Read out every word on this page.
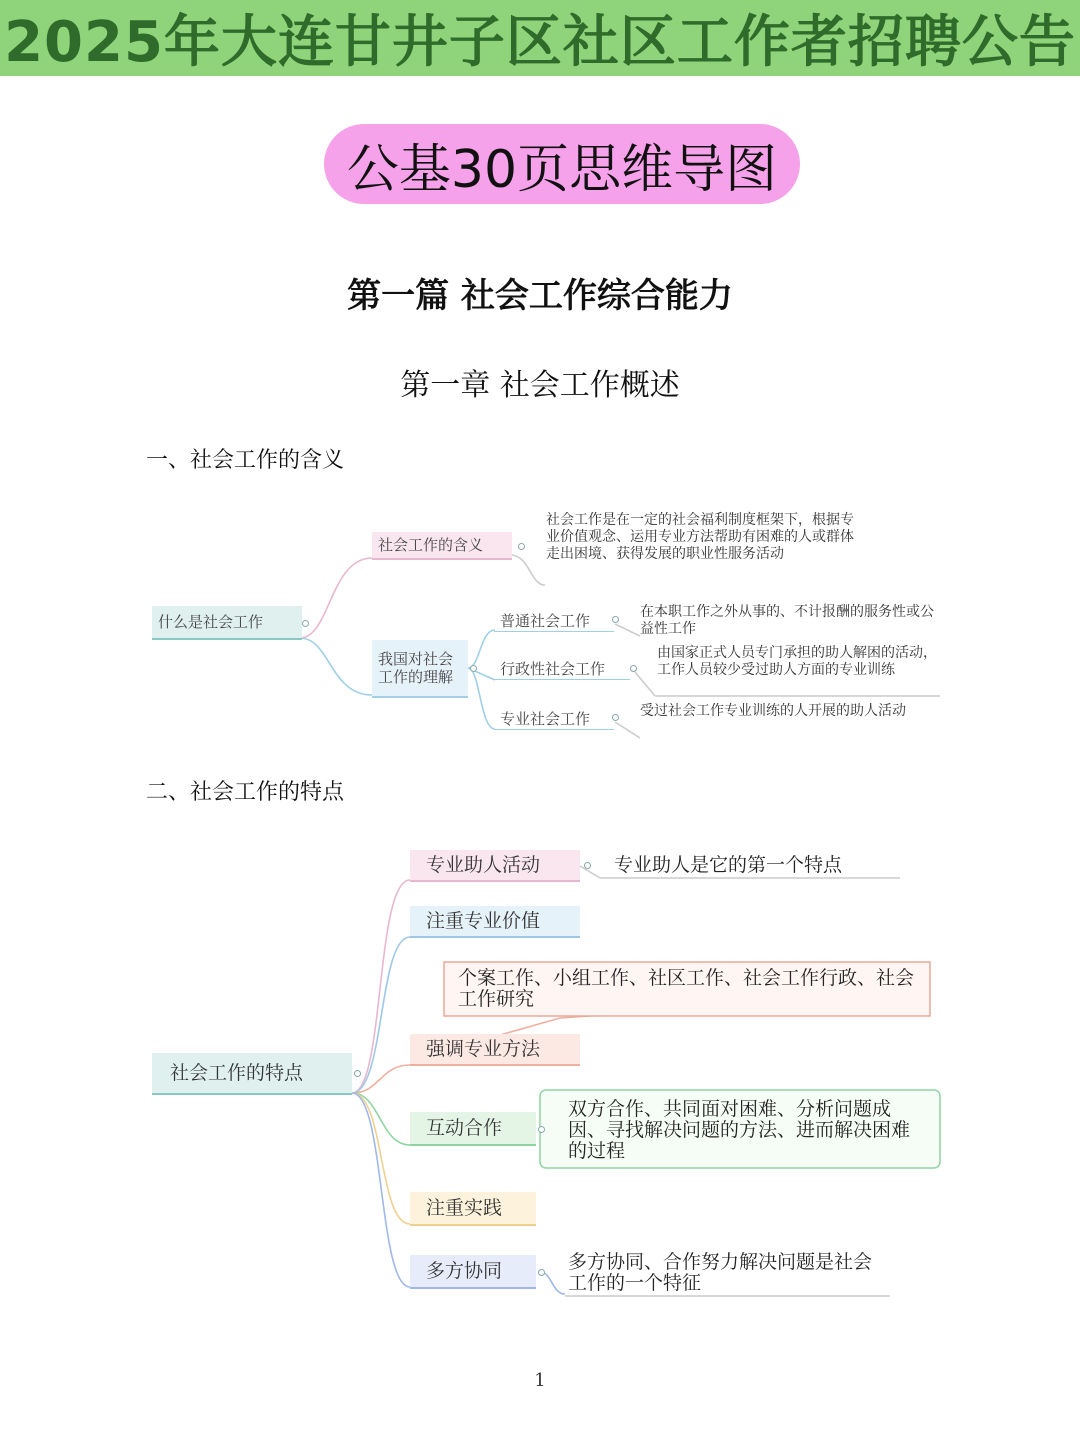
2025年大连甘井子区社区工作者招聘公告
公基30页思维导图
第一篇 社会工作综合能力
第一章 社会工作概述
一、社会工作的含义
二、社会工作的特点
什么是社会工作
社会工作的含义
社会工作是在一定的社会福利制度框架下，根据专业价值观念、运用专业方法帮助有困难的人或群体走出困境、获得发展的职业性服务活动
我国对社会工作的理解
普通社会工作	在本职工作之外从事的、不计报酬的服务性或公益性工作
行政性社会工作
由国家正式人员专门承担的助人解困的活动，工作人员较少受过助人方面的专业训练
专业社会工作	受过社会工作专业训练的人开展的助人活动
社会工作的特点
专业助人活动	专业助人是它的第一个特点
注重专业价值
个案工作、小组工作、社区工作、社会工作行政、社会工作研究
强调专业方法
互动合作
双方合作、共同面对困难、分析问题成因、寻找解决问题的方法、进而解决困难的过程
注重实践
多方协同	多方协同、合作努力解决问题是社会工作的一个特征
1
